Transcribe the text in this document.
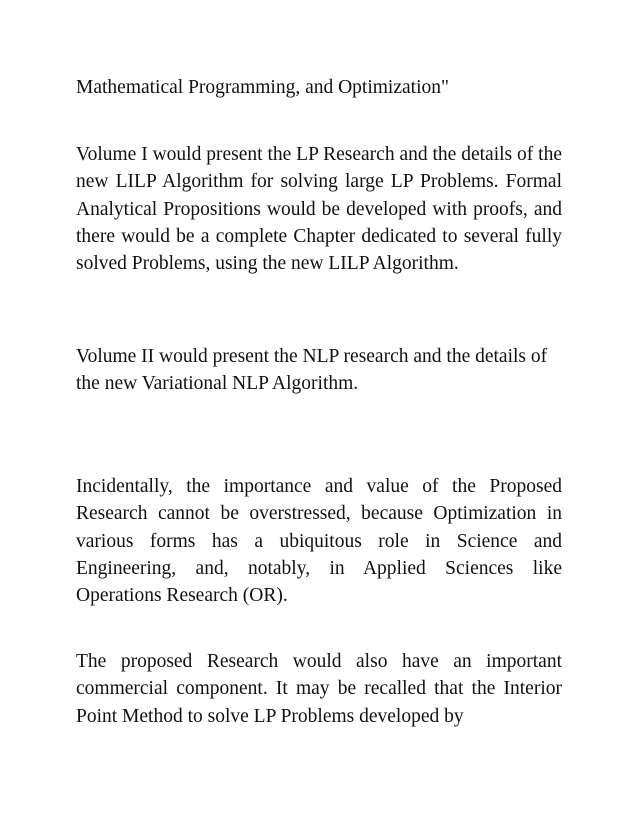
Mathematical Programming, and Optimization"

Volume I would present the LP Research and the details of the new LILP Algorithm for solving large LP Problems. Formal Analytical Propositions would be developed with proofs, and there would be a complete Chapter dedicated to several fully solved Problems, using the new LILP Algorithm.

Volume II would present the NLP research and the details of the new Variational NLP Algorithm.

Incidentally, the importance and value of the Proposed Research cannot be overstressed, because Optimization in various forms has a ubiquitous role in Science and Engineering, and, notably, in Applied Sciences like Operations Research (OR).

The proposed Research would also have an important commercial component. It may be recalled that the Interior Point Method to solve LP Problems developed by
